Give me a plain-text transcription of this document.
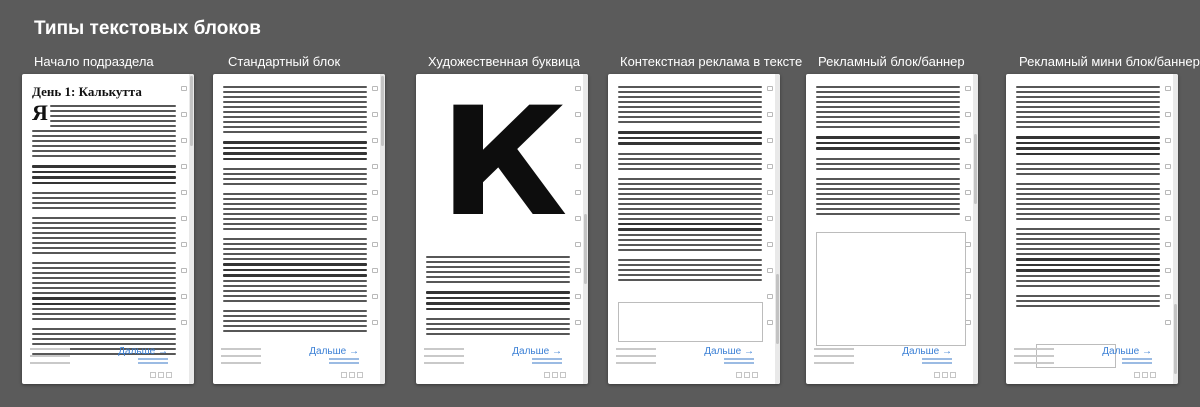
Типы текстовых блоков
Начало подраздела	Стандартный блок	Художественная буквица	Контекстная реклама в тексте Рекламный блок/баннер	Рекламный мини блок/баннер
День 1: Калькутта
Я
Дальше →	Дальше →
К
Дальше →	Дальше →	Дальше →	Дальше →
